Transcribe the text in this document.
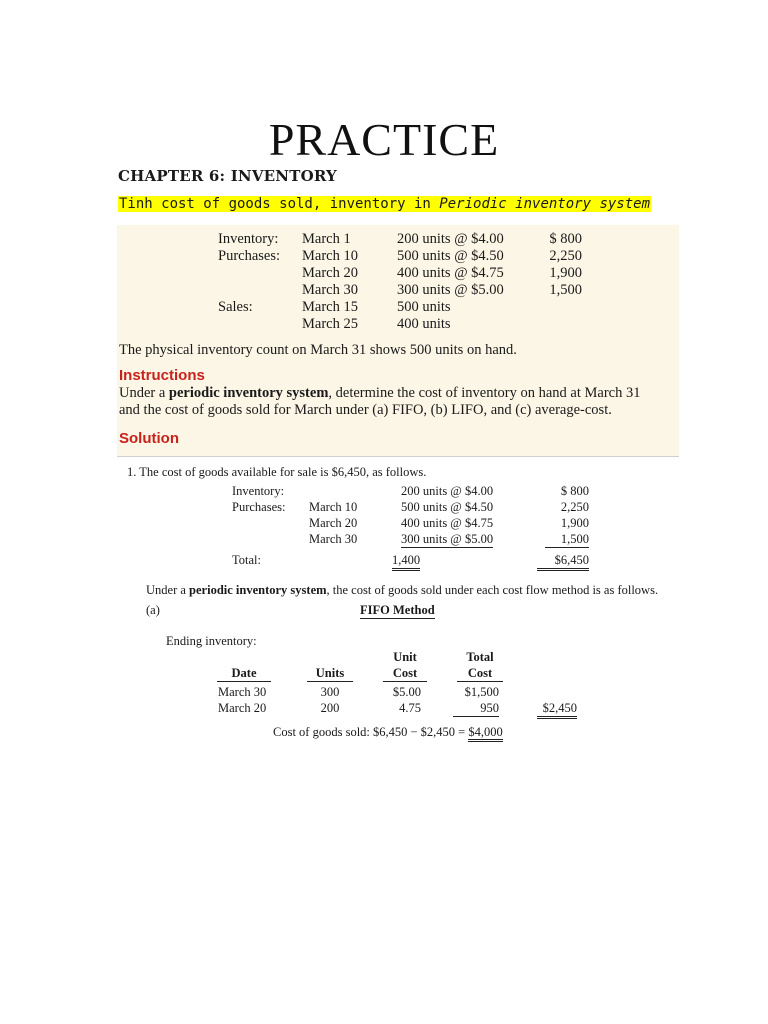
PRACTICE
CHAPTER 6: INVENTORY
Tinh cost of goods sold, inventory in Periodic inventory system
Inventory: March 1	200 units @ $4.00	$ 800
Purchases: March 10	500 units @ $4.50	2,250
March 20	400 units @ $4.75	1,900
March 30	300 units @ $5.00	1,500
Sales:	March 15	500 units
March 25	400 units
The physical inventory count on March 31 shows 500 units on hand.
Instructions
Under a periodic inventory system, determine the cost of inventory on hand at March 31
and the cost of goods sold for March under (a) FIFO, (b) LIFO, and (c) average-cost.
Solution
1. The cost of goods available for sale is $6,450, as follows.
Inventory:	200 units @ $4.00	$ 800
Purchases: March 10	500 units @ $4.50	2,250
March 20	400 units @ $4.75	1,900
March 30	300 units @ $5.00	1,500
Total:	1,400	$6,450
Under a periodic inventory system, the cost of goods sold under each cost flow method is as follows.
(a)	FIFO Method
Ending inventory:
Unit	Total
Date	Units	Cost	Cost
March 30	300	$5.00	$1,500
March 20	200	4.75	950	$2,450
Cost of goods sold: $6,450 − $2,450 = $4,000
